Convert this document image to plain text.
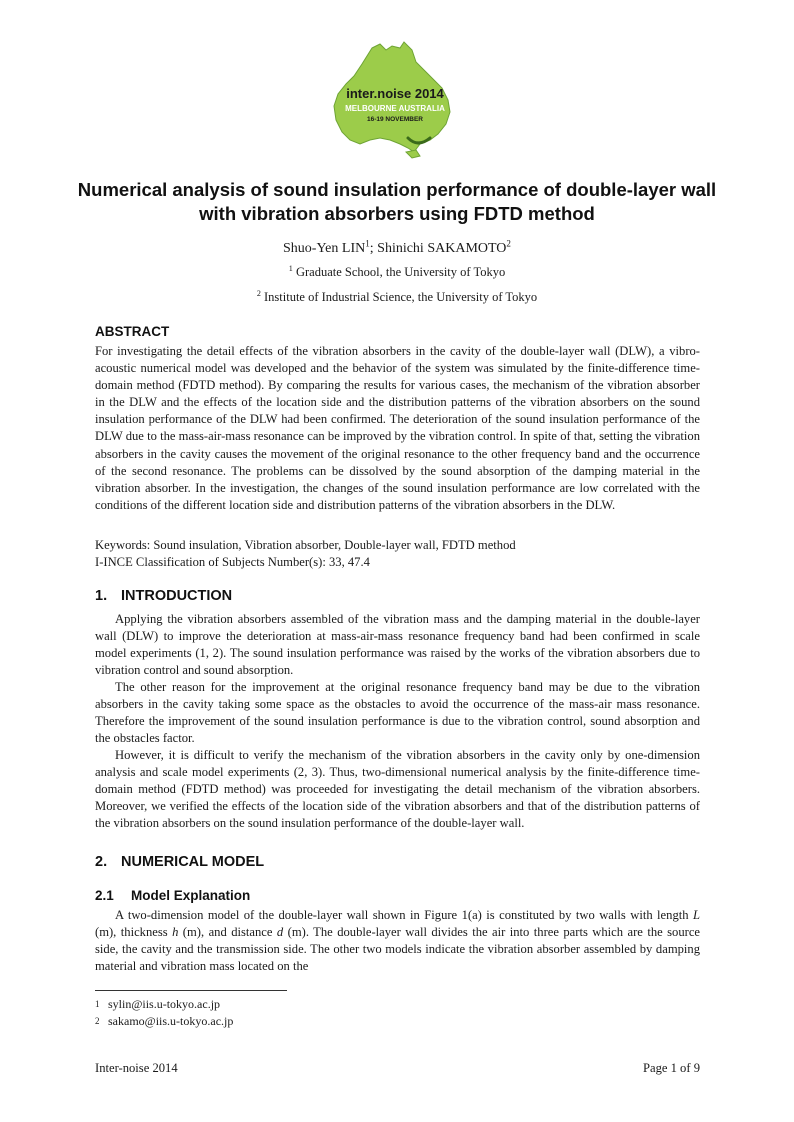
inter.noise 2014
MELBOURNE AUSTRALIA
16-19 NOVEMBER
Numerical analysis of sound insulation performance of double-layer wall with vibration absorbers using FDTD method
Shuo-Yen LIN$^1$; Shinichi SAKAMOTO$^2$
$^1$ Graduate School, the University of Tokyo
$^2$ Institute of Industrial Science, the University of Tokyo
ABSTRACT
For investigating the detail effects of the vibration absorbers in the cavity of the double-layer wall (DLW), a vibro-acoustic numerical model was developed and the behavior of the system was simulated by the finite-difference time-domain method (FDTD method). By comparing the results for various cases, the mechanism of the vibration absorber in the DLW and the effects of the location side and the distribution patterns of the vibration absorbers on the sound insulation performance of the DLW had been confirmed. The deterioration of the sound insulation performance of the DLW due to the mass-air-mass resonance can be improved by the vibration control. In spite of that, setting the vibration absorbers in the cavity causes the movement of the original resonance to the other frequency band and the occurrence of the second resonance. The problems can be dissolved by the sound absorption of the damping material in the vibration absorber. In the investigation, the changes of the sound insulation performance are low correlated with the conditions of the different location side and distribution patterns of the vibration absorbers in the DLW.
Keywords: Sound insulation, Vibration absorber, Double-layer wall, FDTD method
I-INCE Classification of Subjects Number(s): 33, 47.4
1. INTRODUCTION
Applying the vibration absorbers assembled of the vibration mass and the damping material in the double-layer wall (DLW) to improve the deterioration at mass-air-mass resonance frequency band had been confirmed in scale model experiments (1, 2). The sound insulation performance was raised by the works of the vibration absorbers due to vibration control and sound absorption.
The other reason for the improvement at the original resonance frequency band may be due to the vibration absorbers in the cavity taking some space as the obstacles to avoid the occurrence of the mass-air mass resonance. Therefore the improvement of the sound insulation performance is due to the vibration control, sound absorption and the obstacles factor.
However, it is difficult to verify the mechanism of the vibration absorbers in the cavity only by one-dimension analysis and scale model experiments (2, 3). Thus, two-dimensional numerical analysis by the finite-difference time-domain method (FDTD method) was proceeded for investigating the detail mechanism of the vibration absorbers. Moreover, we verified the effects of the location side of the vibration absorbers and that of the distribution patterns of the vibration absorbers on the sound insulation performance of the double-layer wall.
2. NUMERICAL MODEL
2.1 Model Explanation
A two-dimension model of the double-layer wall shown in Figure 1(a) is constituted by two walls with length L (m), thickness h (m), and distance d (m). The double-layer wall divides the air into three parts which are the source side, the cavity and the transmission side. The other two models indicate the vibration absorber assembled by damping material and vibration mass located on the
1 sylin@iis.u-tokyo.ac.jp
2 sakamo@iis.u-tokyo.ac.jp
Inter-noise 2014	Page 1 of 9
